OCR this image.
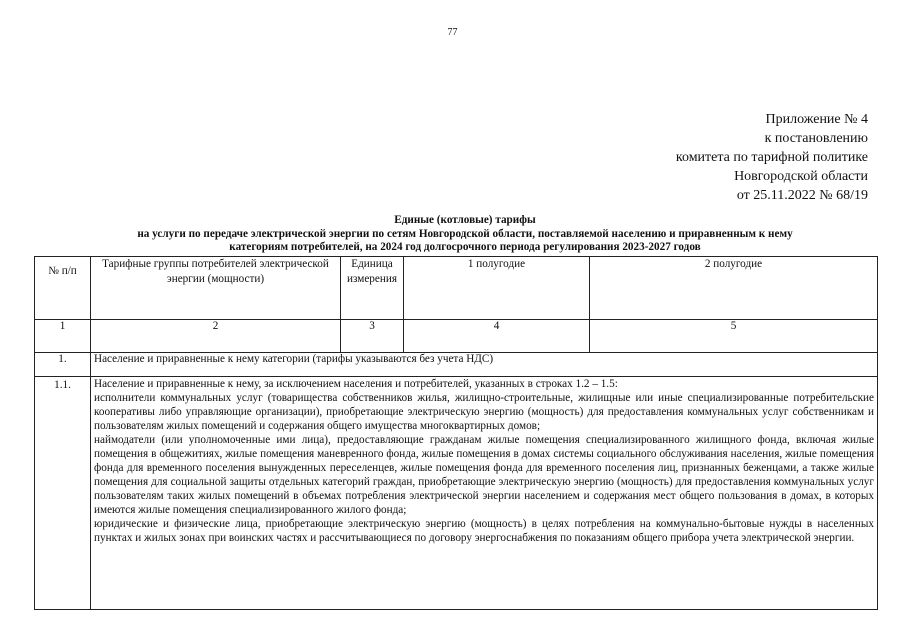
77
Приложение № 4
к постановлению
комитета по тарифной политике
Новгородской области
от 25.11.2022 № 68/19
Единые (котловые) тарифы
на услуги по передаче электрической энергии по сетям Новгородской области, поставляемой населению и приравненным к нему
категориям потребителей, на 2024 год долгосрочного периода регулирования 2023-2027 годов
№ п/п	Тарифные группы потребителей электрической энергии (мощности)	Единица измерения	1 полугодие	2 полугодие
1	2	3	4	5
1.	Население и приравненные к нему категории (тарифы указываются без учета НДС)			
1.1.	Население и приравненные к нему, за исключением населения и потребителей, указанных в строках 1.2 – 1.5:

исполнители коммунальных услуг (товарищества собственников жилья, жилищно-строительные, жилищные или иные специализированные потребительские кооперативы либо управляющие организации), приобретающие электрическую энергию (мощность) для предоставления коммунальных услуг собственникам и пользователям жилых помещений и содержания общего имущества многоквартирных домов;

наймодатели (или уполномоченные ими лица), предоставляющие гражданам жилые помещения специализированного жилищного фонда, включая жилые помещения в общежитиях, жилые помещения маневренного фонда, жилые помещения в домах системы социального обслуживания населения, жилые помещения фонда для временного поселения вынужденных переселенцев, жилые помещения фонда для временного поселения лиц, признанных беженцами, а также жилые помещения для социальной защиты отдельных категорий граждан, приобретающие электрическую энергию (мощность) для предоставления коммунальных услуг пользователям таких жилых помещений в объемах потребления электрической энергии населением и содержания мест общего пользования в домах, в которых имеются жилые помещения специализированного жилого фонда;

юридические и физические лица, приобретающие электрическую энергию (мощность) в целях потребления на коммунально-бытовые нужды в населенных пунктах и жилых зонах при воинских частях и рассчитывающиеся по договору энергоснабжения по показаниям общего прибора учета электрической энергии.			
